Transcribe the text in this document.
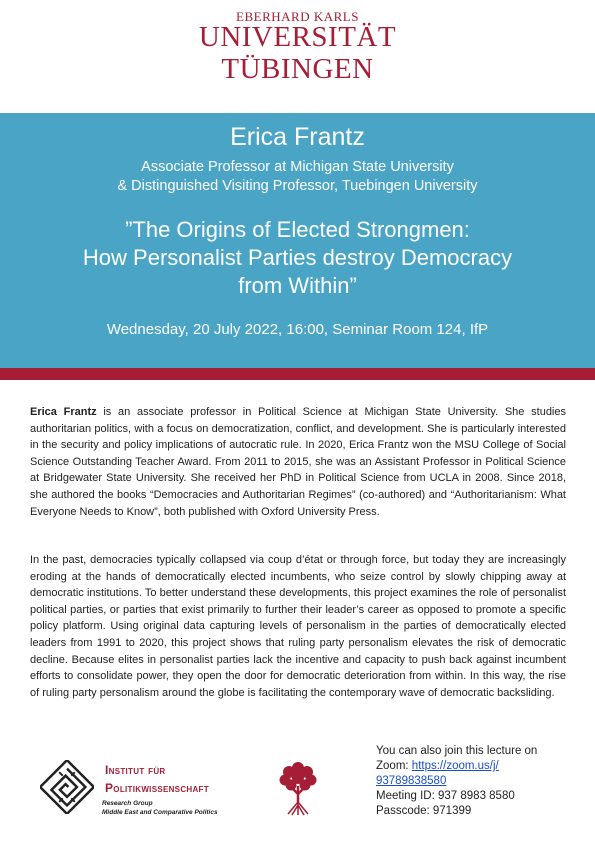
EBERHARD KARLS
UNIVERSITÄT
TÜBINGEN
Erica Frantz
Associate Professor at Michigan State University
& Distinguished Visiting Professor, Tuebingen University
”The Origins of Elected Strongmen:
How Personalist Parties destroy Democracy
from Within”
Wednesday, 20 July 2022, 16:00, Seminar Room 124, IfP
Erica Frantz is an associate professor in Political Science at Michigan State University. She studies authoritarian politics, with a focus on democratization, conflict, and development. She is particularly interested in the security and policy implications of autocratic rule. In 2020, Erica Frantz won the MSU College of Social Science Outstanding Teacher Award. From 2011 to 2015, she was an Assistant Professor in Political Science at Bridgewater State University. She received her PhD in Political Science from UCLA in 2008. Since 2018, she authored the books “Democracies and Authoritarian Regimes” (co-authored) and “Authoritarianism: What Everyone Needs to Know”, both published with Oxford University Press.
In the past, democracies typically collapsed via coup d’état or through force, but today they are increasingly eroding at the hands of democratically elected incumbents, who seize control by slowly chipping away at democratic institutions. To better understand these developments, this project examines the role of personalist political parties, or parties that exist primarily to further their leader’s career as opposed to promote a specific policy platform. Using original data capturing levels of personalism in the parties of democratically elected leaders from 1991 to 2020, this project shows that ruling party personalism elevates the risk of democratic decline. Because elites in personalist parties lack the incentive and capacity to push back against incumbent efforts to consolidate power, they open the door for democratic deterioration from within. In this way, the rise of ruling party personalism around the globe is facilitating the contemporary wave of democratic backsliding.
Institut für
Politikwissenschaft
Research Group
Middle East and Comparative Politics
You can also join this lecture on
Zoom: https://zoom.us/j/
93789838580
Meeting ID: 937 8983 8580
Passcode: 971399
